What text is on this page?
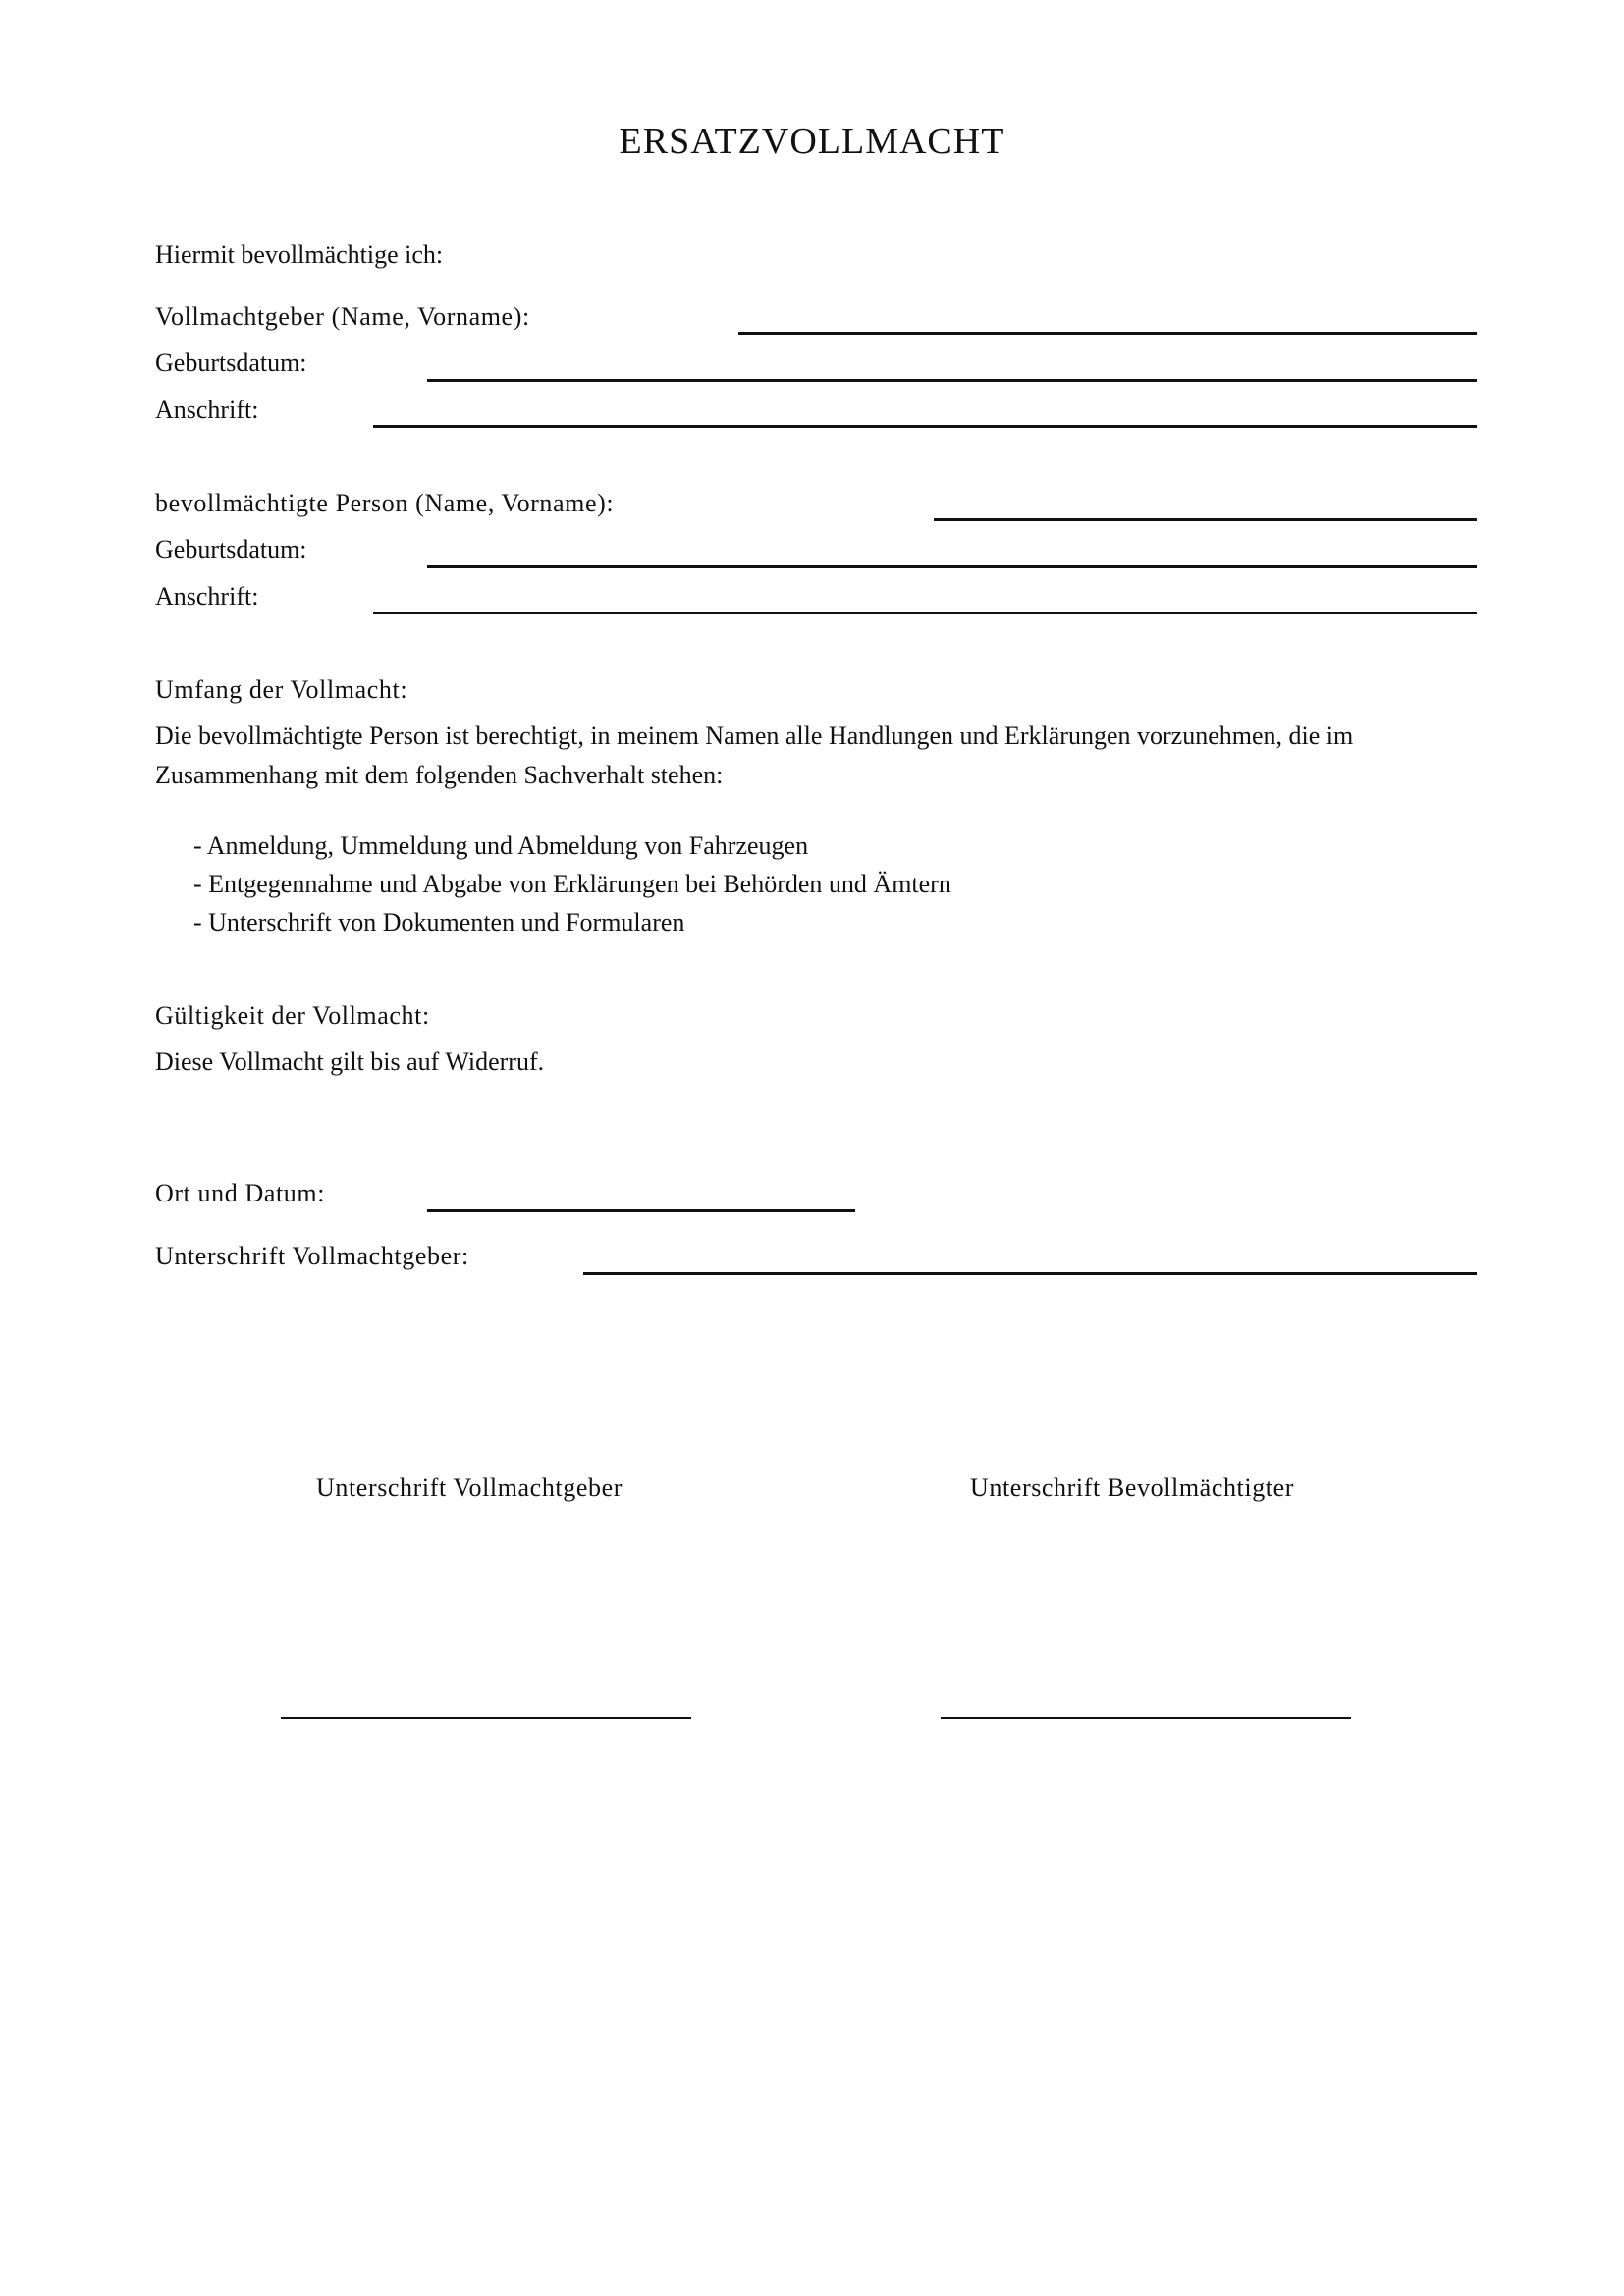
ERSATZVOLLMACHT
Hiermit bevollmächtige ich:
Vollmachtgeber (Name, Vorname):
Geburtsdatum:
Anschrift:
bevollmächtigte Person (Name, Vorname):
Geburtsdatum:
Anschrift:
Umfang der Vollmacht:
Die bevollmächtigte Person ist berechtigt, in meinem Namen alle Handlungen und Erklärungen vorzunehmen, die im
Zusammenhang mit dem folgenden Sachverhalt stehen:
- Anmeldung, Ummeldung und Abmeldung von Fahrzeugen
- Entgegennahme und Abgabe von Erklärungen bei Behörden und Ämtern
- Unterschrift von Dokumenten und Formularen
Gültigkeit der Vollmacht:
Diese Vollmacht gilt bis auf Widerruf.
Ort und Datum:
Unterschrift Vollmachtgeber:
Unterschrift Vollmachtgeber	Unterschrift Bevollmächtigter
